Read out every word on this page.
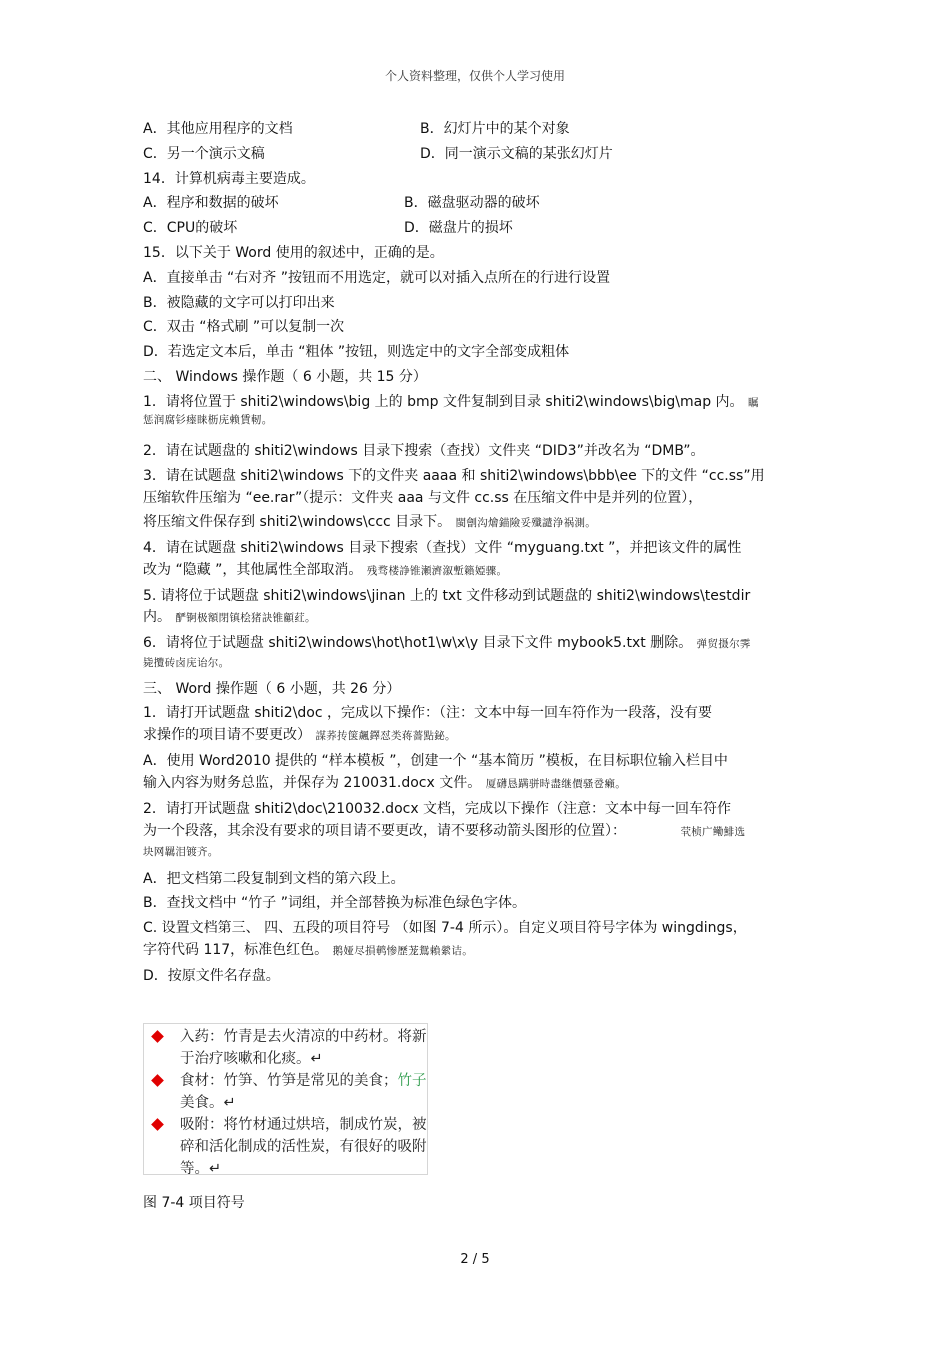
个人资料整理，仅供个人学习使用
A．其他应用程序的文档	B．幻灯片中的某个对象
C．另一个演示文稿	D．同一演示文稿的某张幻灯片
14．计算机病毒主要造成。
A．程序和数据的破坏	B．磁盘驱动器的破坏
C．CPU的破坏	D．磁盘片的损坏
15．以下关于 Word 使用的叙述中，正确的是。
A．直接单击 “右对齐 ”按钮而不用选定，就可以对插入点所在的行进行设置
B．被隐藏的文字可以打印出来
C．双击 “格式刷 ”可以复制一次
D．若选定文本后，单击 “粗体 ”按钮，则选定中的文字全部变成粗体
二、 Windows 操作题（ 6 小题，共 15 分）
1．请将位置于 shiti2\windows\big 上的 bmp 文件复制到目录 shiti2\windows\big\map 内。 瞩
惩润腐钐瘗睐枥庑赖賃軔。
2．请在试题盘的 shiti2\windows 目录下搜索（查找）文件夹 “DID3”并改名为 “DMB”。
3．请在试题盘 shiti2\windows 下的文件夹 aaaa 和 shiti2\windows\bbb\ee 下的文件 “cc.ss”用
压缩软件压缩为 “ee.rar”（提示：文件夹 aaa 与文件 cc.ss 在压缩文件中是并列的位置），
将压缩文件保存到 shiti2\windows\ccc 目录下。 閩劊沟燴錨險妥殲譴浄祸測。
4．请在试题盘 shiti2\windows 目录下搜索（查找）文件 “myguang.txt ”，并把该文件的属性
改为 “隐藏 ”，其他属性全部取消。 残骛楼諍锥瀬濟溆塹籟婭骤。
5. 请将位于试题盘 shiti2\windows\jinan 上的 txt 文件移动到试题盘的 shiti2\windows\testdir
内。 酽锕极額閉镇桧猪訣锥顧荭。
6．请将位于试题盘 shiti2\windows\hot\hot1\w\x\y 目录下文件 mybook5.txt 删除。 弹贸摄尔霁
毙攬砖卤庑诒尔。
三、 Word 操作题（ 6 小题，共 26 分）
1．请打开试题盘 shiti2\doc ，完成以下操作：（注：文本中每一回车符作为一段落，没有要
求操作的项目请不要更改） 謀荞抟箧飆鐸怼类蒋薔點鉍。
A．使用 Word2010 提供的 “样本模板 ”，创建一个 “基本简历 ”模板，在目标职位输入栏目中
输入内容为财务总监，并保存为 210031.docx 文件。 厦礴恳蹒骈時盡继價骚卺癩。
2．请打开试题盘 shiti2\doc\210032.docx 文档，完成以下操作（注意：文本中每一回车符作
为一个段落，其余没有要求的项目请不要更改，请不要移动箭头图形的位置）：	茕桢广鳓鯡选
块网羈泪镀齐。
A．把文档第二段复制到文档的第六段上。
B．查找文档中 “竹子 ”词组，并全部替换为标准色绿色字体。
C. 设置文档第三、 四、五段的项目符号 （如图 7-4 所示）。自定义项目符号字体为 wingdings，
字符代码 117，标准色红色。 鹅娅尽損鹌惨歷茏鴛賴縈诘。
D．按原文件名存盘。
入药：竹青是去火清凉的中药材。将新
于治疗咳嗽和化痰。↵
食材：竹笋、竹笋是常见的美食；竹子
美食。↵
吸附：将竹材通过烘培，制成竹炭，被
碎和活化制成的活性炭，有很好的吸附
等。↵
图 7-4 项目符号
2 / 5
